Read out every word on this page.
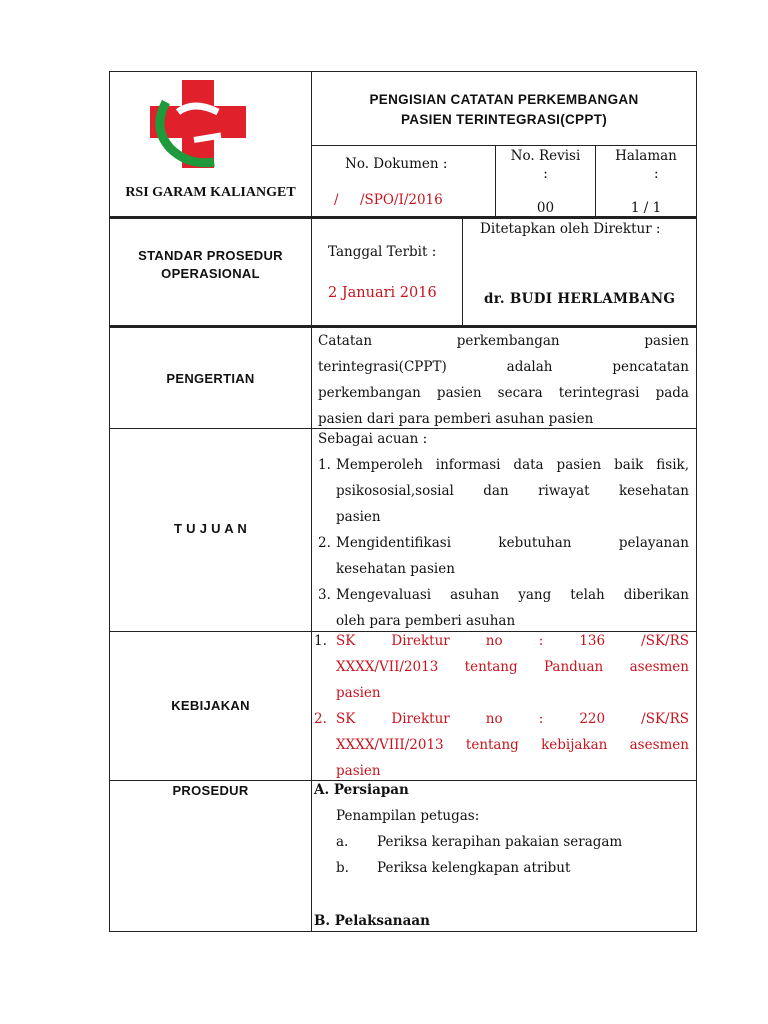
RSI GARAM KALIANGET
PENGISIAN CATATAN PERKEMBANGAN
PASIEN TERINTEGRASI(CPPT)
No. Dokumen :
/     /SPO/I/2016
No. Revisi
:
00
Halaman
:
1 / 1
STANDAR PROSEDUR
OPERASIONAL
Tanggal Terbit :
2 Januari 2016
Ditetapkan oleh Direktur :
dr. BUDI HERLAMBANG
PENGERTIAN
Catatan perkembangan pasien
terintegrasi(CPPT) adalah pencatatan
perkembangan pasien secara terintegrasi pada
pasien dari para pemberi asuhan pasien
T U J U A N
Sebagai acuan :
1. Memperoleh informasi data pasien baik fisik,
psikososial,sosial dan riwayat kesehatan
pasien
2. Mengidentifikasi kebutuhan pelayanan
kesehatan pasien
3. Mengevaluasi asuhan yang telah diberikan
oleh para pemberi asuhan
KEBIJAKAN
1. SK Direktur no : 136 /SK/RS
XXXX/VII/2013 tentang Panduan asesmen
pasien
2. SK Direktur no : 220 /SK/RS
XXXX/VIII/2013 tentang kebijakan asesmen
pasien
PROSEDUR	A. Persiapan
Penampilan petugas:
a. Periksa kerapihan pakaian seragam
b. Periksa kelengkapan atribut
B. Pelaksanaan
